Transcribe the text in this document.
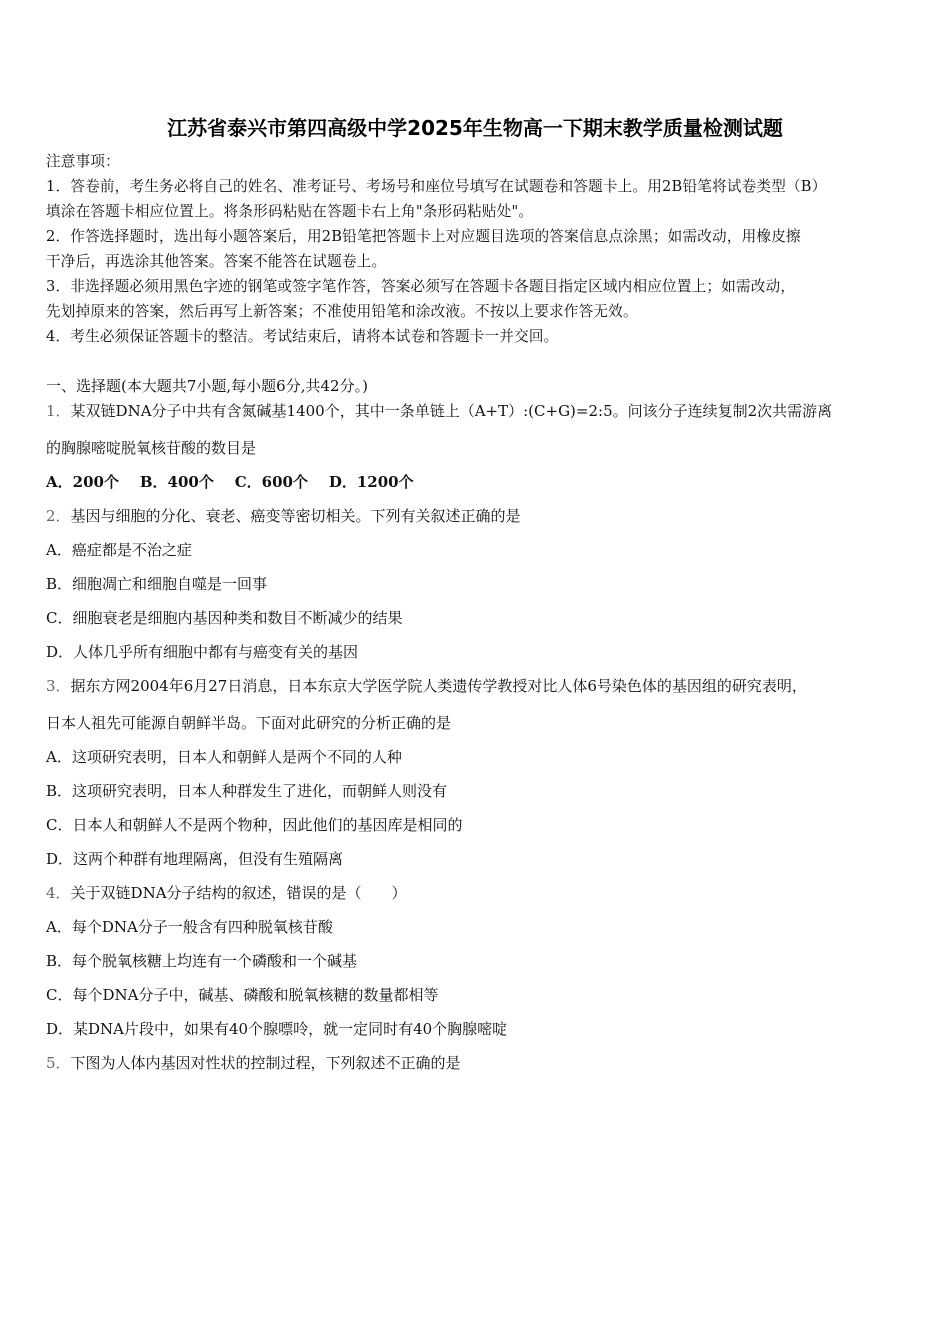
江苏省泰兴市第四高级中学2025年生物高一下期末教学质量检测试题
注意事项：
1．答卷前，考生务必将自己的姓名、准考证号、考场号和座位号填写在试题卷和答题卡上。用2B铅笔将试卷类型（B）
填涂在答题卡相应位置上。将条形码粘贴在答题卡右上角"条形码粘贴处"。
2．作答选择题时，选出每小题答案后，用2B铅笔把答题卡上对应题目选项的答案信息点涂黑；如需改动，用橡皮擦
干净后，再选涂其他答案。答案不能答在试题卷上。
3．非选择题必须用黑色字迹的钢笔或签字笔作答，答案必须写在答题卡各题目指定区域内相应位置上；如需改动，
先划掉原来的答案，然后再写上新答案；不准使用铅笔和涂改液。不按以上要求作答无效。
4．考生必须保证答题卡的整洁。考试结束后，请将本试卷和答题卡一并交回。
一、选择题(本大题共7小题,每小题6分,共42分。)
1．某双链DNA分子中共有含氮碱基1400个，其中一条单链上（A+T）:(C+G)=2:5。问该分子连续复制2次共需游离
的胸腺嘧啶脱氧核苷酸的数目是
A．200个    B．400个    C．600个    D．1200个
2．基因与细胞的分化、衰老、癌变等密切相关。下列有关叙述正确的是
A．癌症都是不治之症
B．细胞凋亡和细胞自噬是一回事
C．细胞衰老是细胞内基因种类和数目不断减少的结果
D．人体几乎所有细胞中都有与癌变有关的基因
3．据东方网2004年6月27日消息，日本东京大学医学院人类遗传学教授对比人体6号染色体的基因组的研究表明，
日本人祖先可能源自朝鲜半岛。下面对此研究的分析正确的是
A．这项研究表明，日本人和朝鲜人是两个不同的人种
B．这项研究表明，日本人种群发生了进化，而朝鲜人则没有
C．日本人和朝鲜人不是两个物种，因此他们的基因库是相同的
D．这两个种群有地理隔离，但没有生殖隔离
4．关于双链DNA分子结构的叙述，错误的是（　　）
A．每个DNA分子一般含有四种脱氧核苷酸
B．每个脱氧核糖上均连有一个磷酸和一个碱基
C．每个DNA分子中，碱基、磷酸和脱氧核糖的数量都相等
D．某DNA片段中，如果有40个腺嘌呤，就一定同时有40个胸腺嘧啶
5．下图为人体内基因对性状的控制过程，下列叙述不正确的是
